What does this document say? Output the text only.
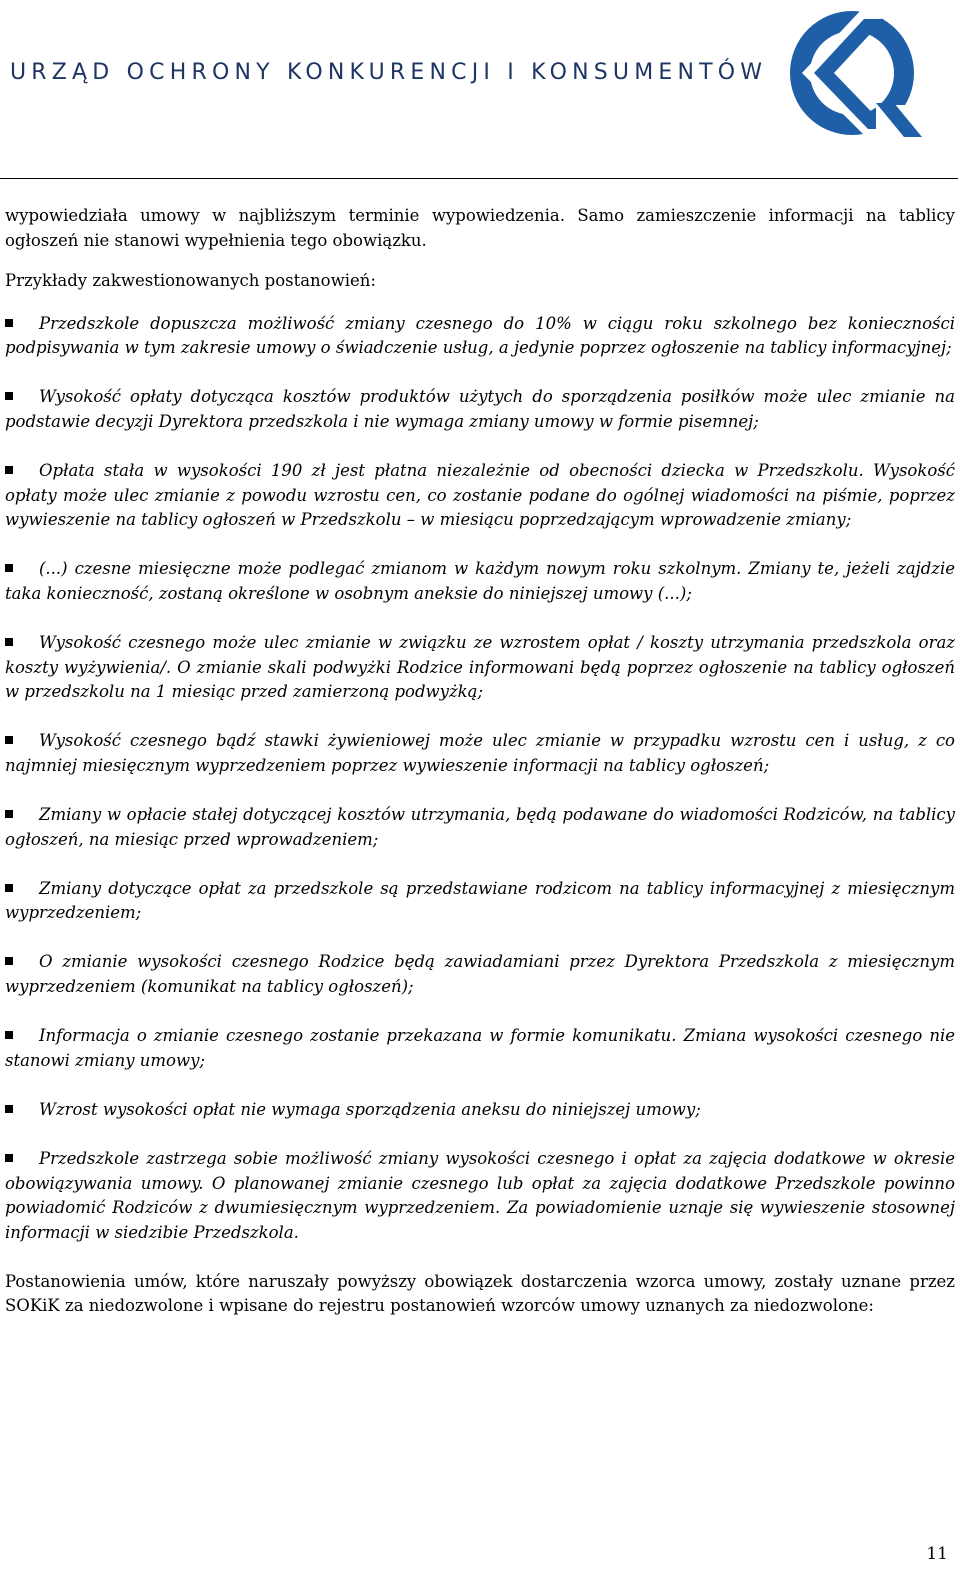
URZĄD OCHRONY KONKURENCJI I KONSUMENTÓW

wypowiedziała umowy w najbliższym terminie wypowiedzenia. Samo zamieszczenie informacji na tablicy ogłoszeń nie stanowi wypełnienia tego obowiązku.

Przykłady zakwestionowanych postanowień:

Przedszkole dopuszcza możliwość zmiany czesnego do 10% w ciągu roku szkolnego bez konieczności podpisywania w tym zakresie umowy o świadczenie usług, a jedynie poprzez ogłoszenie na tablicy informacyjnej;
Wysokość opłaty dotycząca kosztów produktów użytych do sporządzenia posiłków może ulec zmianie na podstawie decyzji Dyrektora przedszkola i nie wymaga zmiany umowy w formie pisemnej;
Opłata stała w wysokości 190 zł jest płatna niezależnie od obecności dziecka w Przedszkolu. Wysokość opłaty może ulec zmianie z powodu wzrostu cen, co zostanie podane do ogólnej wiadomości na piśmie, poprzez wywieszenie na tablicy ogłoszeń w Przedszkolu – w miesiącu poprzedzającym wprowadzenie zmiany;
(...) czesne miesięczne może podlegać zmianom w każdym nowym roku szkolnym. Zmiany te, jeżeli zajdzie taka konieczność, zostaną określone w osobnym aneksie do niniejszej umowy (...);
Wysokość czesnego może ulec zmianie w związku ze wzrostem opłat / koszty utrzymania przedszkola oraz koszty wyżywienia/. O zmianie skali podwyżki Rodzice informowani będą poprzez ogłoszenie na tablicy ogłoszeń w przedszkolu na 1 miesiąc przed zamierzoną podwyżką;
Wysokość czesnego bądź stawki żywieniowej może ulec zmianie w przypadku wzrostu cen i usług, z co najmniej miesięcznym wyprzedzeniem poprzez wywieszenie informacji na tablicy ogłoszeń;
Zmiany w opłacie stałej dotyczącej kosztów utrzymania, będą podawane do wiadomości Rodziców, na tablicy ogłoszeń, na miesiąc przed wprowadzeniem;
Zmiany dotyczące opłat za przedszkole są przedstawiane rodzicom na tablicy informacyjnej z miesięcznym wyprzedzeniem;
O zmianie wysokości czesnego Rodzice będą zawiadamiani przez Dyrektora Przedszkola z miesięcznym wyprzedzeniem (komunikat na tablicy ogłoszeń);
Informacja o zmianie czesnego zostanie przekazana w formie komunikatu. Zmiana wysokości czesnego nie stanowi zmiany umowy;
Wzrost wysokości opłat nie wymaga sporządzenia aneksu do niniejszej umowy;
Przedszkole zastrzega sobie możliwość zmiany wysokości czesnego i opłat za zajęcia dodatkowe w okresie obowiązywania umowy. O planowanej zmianie czesnego lub opłat za zajęcia dodatkowe Przedszkole powinno powiadomić Rodziców z dwumiesięcznym wyprzedzeniem. Za powiadomienie uznaje się wywieszenie stosownej informacji w siedzibie Przedszkola.

Postanowienia umów, które naruszały powyższy obowiązek dostarczenia wzorca umowy, zostały uznane przez SOKiK za niedozwolone i wpisane do rejestru postanowień wzorców umowy uznanych za niedozwolone:

11
